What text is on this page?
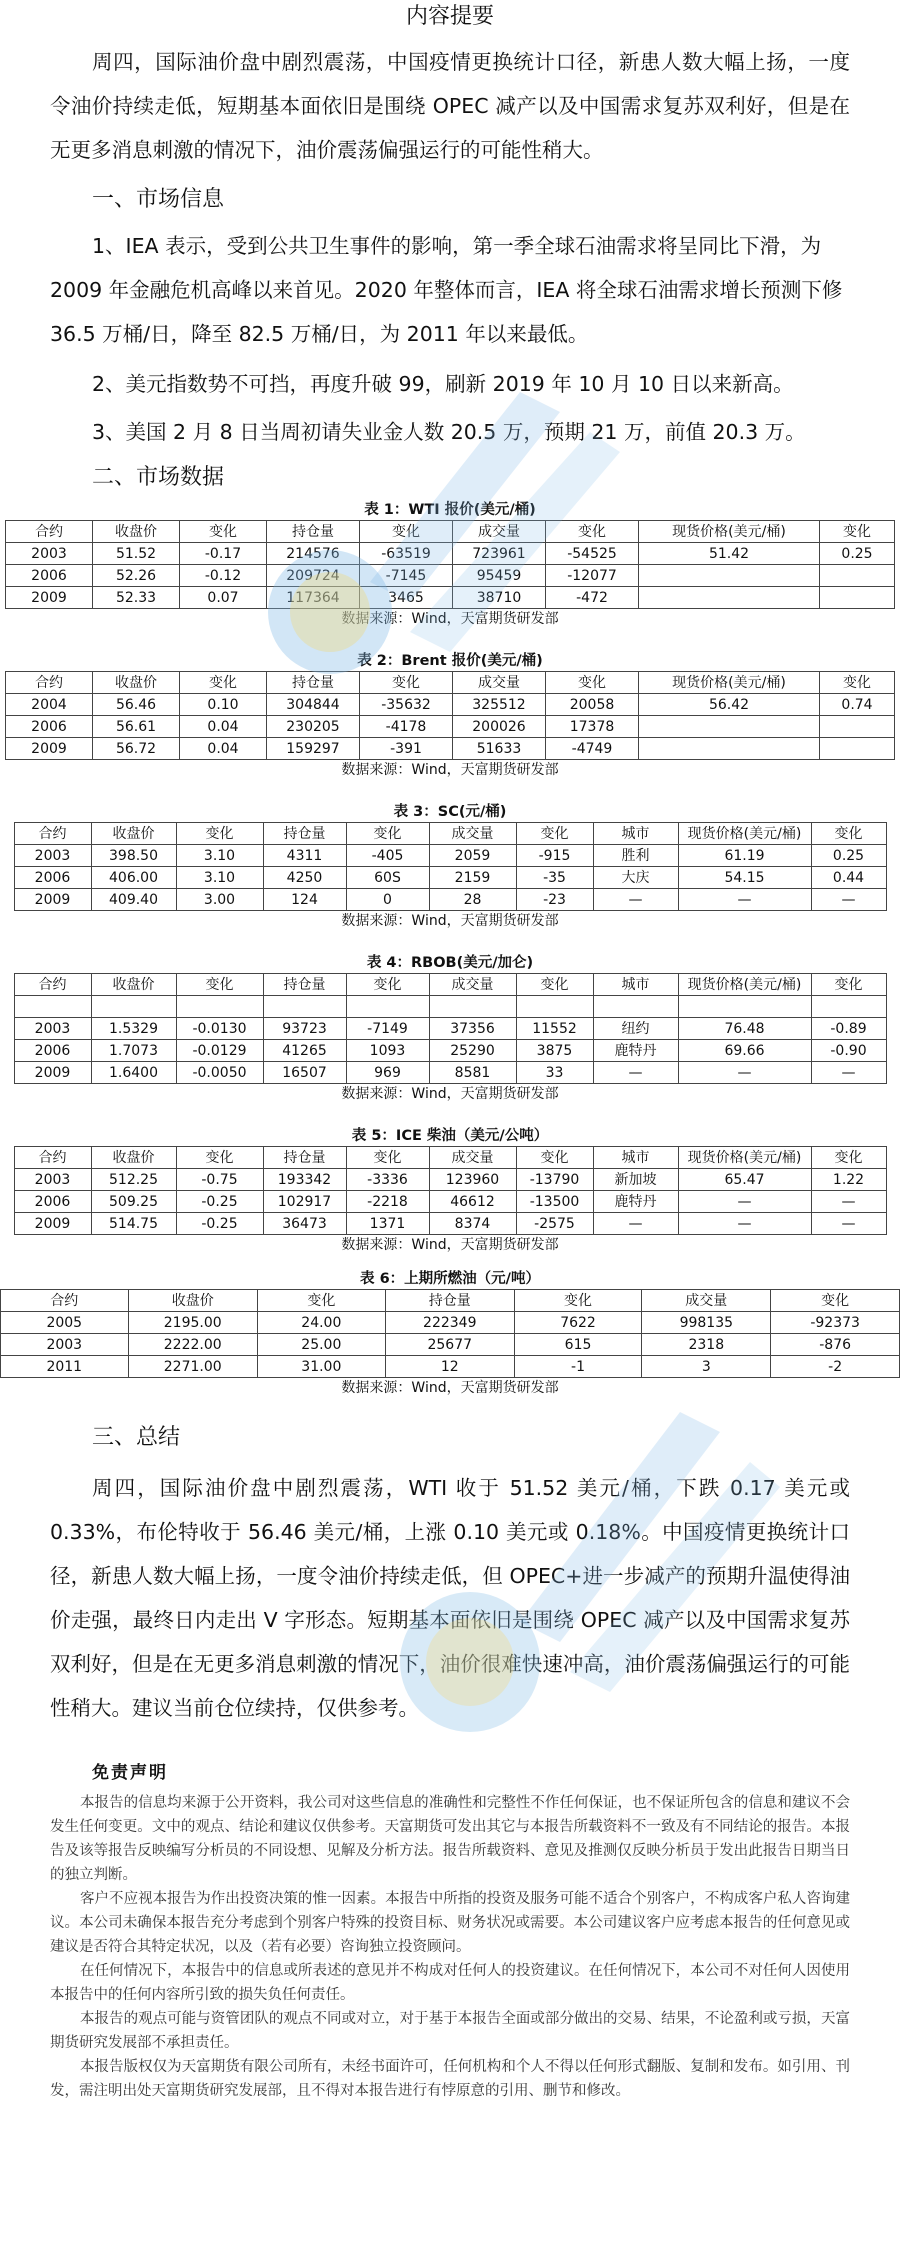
内容提要

周四，国际油价盘中剧烈震荡，中国疫情更换统计口径，新患人数大幅上扬，一度令油价持续走低，短期基本面依旧是围绕 OPEC 减产以及中国需求复苏双利好，但是在无更多消息刺激的情况下，油价震荡偏强运行的可能性稍大。

一、市场信息

1、IEA 表示，受到公共卫生事件的影响，第一季全球石油需求将呈同比下滑，为 2009 年金融危机高峰以来首见。2020 年整体而言，IEA 将全球石油需求增长预测下修 36.5 万桶/日，降至 82.5 万桶/日，为 2011 年以来最低。

2、美元指数势不可挡，再度升破 99，刷新 2019 年 10 月 10 日以来新高。

3、美国 2 月 8 日当周初请失业金人数 20.5 万，预期 21 万，前值 20.3 万。

二、市场数据
表 1：WTI 报价(美元/桶)
合约	收盘价	变化	持仓量	变化	成交量	变化	现货价格(美元/桶)	变化
2003	51.52	-0.17	214576	-63519	723961	-54525	51.42	0.25
2006	52.26	-0.12	209724	-7145	95459	-12077		
2009	52.33	0.07	117364	3465	38710	-472		
数据来源：Wind，天富期货研发部
表 2：Brent 报价(美元/桶)
合约	收盘价	变化	持仓量	变化	成交量	变化	现货价格(美元/桶)	变化
2004	56.46	0.10	304844	-35632	325512	20058	56.42	0.74
2006	56.61	0.04	230205	-4178	200026	17378		
2009	56.72	0.04	159297	-391	51633	-4749		
数据来源：Wind，天富期货研发部
表 3：SC(元/桶)
合约	收盘价	变化	持仓量	变化	成交量	变化	城市	现货价格(美元/桶)	变化
2003	398.50	3.10	4311	-405	2059	-915	胜利	61.19	0.25
2006	406.00	3.10	4250	60S	2159	-35	大庆	54.15	0.44
2009	409.40	3.00	124	0	28	-23	—	—	—
数据来源：Wind，天富期货研发部
表 4：RBOB(美元/加仑)
合约	收盘价	变化	持仓量	变化	成交量	变化	城市	现货价格(美元/桶)	变化

2003	1.5329	-0.0130	93723	-7149	37356	11552	纽约	76.48	-0.89
2006	1.7073	-0.0129	41265	1093	25290	3875	鹿特丹	69.66	-0.90
2009	1.6400	-0.0050	16507	969	8581	33	—	—	—
数据来源：Wind，天富期货研发部
表 5：ICE 柴油（美元/公吨）
合约	收盘价	变化	持仓量	变化	成交量	变化	城市	现货价格(美元/桶)	变化
2003	512.25	-0.75	193342	-3336	123960	-13790	新加坡	65.47	1.22
2006	509.25	-0.25	102917	-2218	46612	-13500	鹿特丹	—	—
2009	514.75	-0.25	36473	1371	8374	-2575	—	—	—
数据来源：Wind，天富期货研发部
表 6：上期所燃油（元/吨）
合约	收盘价	变化	持仓量	变化	成交量	变化
2005	2195.00	24.00	222349	7622	998135	-92373
2003	2222.00	25.00	25677	615	2318	-876
2011	2271.00	31.00	12	-1	3	-2
数据来源：Wind，天富期货研发部
三、总结

周四，国际油价盘中剧烈震荡，WTI 收于 51.52 美元/桶，下跌 0.17 美元或 0.33%，布伦特收于 56.46 美元/桶，上涨 0.10 美元或 0.18%。中国疫情更换统计口径，新患人数大幅上扬，一度令油价持续走低，但 OPEC+进一步减产的预期升温使得油价走强，最终日内走出 V 字形态。短期基本面依旧是围绕 OPEC 减产以及中国需求复苏双利好，但是在无更多消息刺激的情况下，油价很难快速冲高，油价震荡偏强运行的可能性稍大。建议当前仓位续持，仅供参考。

免责声明

本报告的信息均来源于公开资料，我公司对这些信息的准确性和完整性不作任何保证，也不保证所包含的信息和建议不会发生任何变更。文中的观点、结论和建议仅供参考。天富期货可发出其它与本报告所载资料不一致及有不同结论的报告。本报告及该等报告反映编写分析员的不同设想、见解及分析方法。报告所载资料、意见及推测仅反映分析员于发出此报告日期当日的独立判断。

客户不应视本报告为作出投资决策的惟一因素。本报告中所指的投资及服务可能不适合个别客户，不构成客户私人咨询建议。本公司未确保本报告充分考虑到个别客户特殊的投资目标、财务状况或需要。本公司建议客户应考虑本报告的任何意见或建议是否符合其特定状况，以及（若有必要）咨询独立投资顾问。

在任何情况下，本报告中的信息或所表述的意见并不构成对任何人的投资建议。在任何情况下，本公司不对任何人因使用本报告中的任何内容所引致的损失负任何责任。

本报告的观点可能与资管团队的观点不同或对立，对于基于本报告全面或部分做出的交易、结果，不论盈利或亏损，天富期货研究发展部不承担责任。

本报告版权仅为天富期货有限公司所有，未经书面许可，任何机构和个人不得以任何形式翻版、复制和发布。如引用、刊发，需注明出处天富期货研究发展部，且不得对本报告进行有悖原意的引用、删节和修改。
